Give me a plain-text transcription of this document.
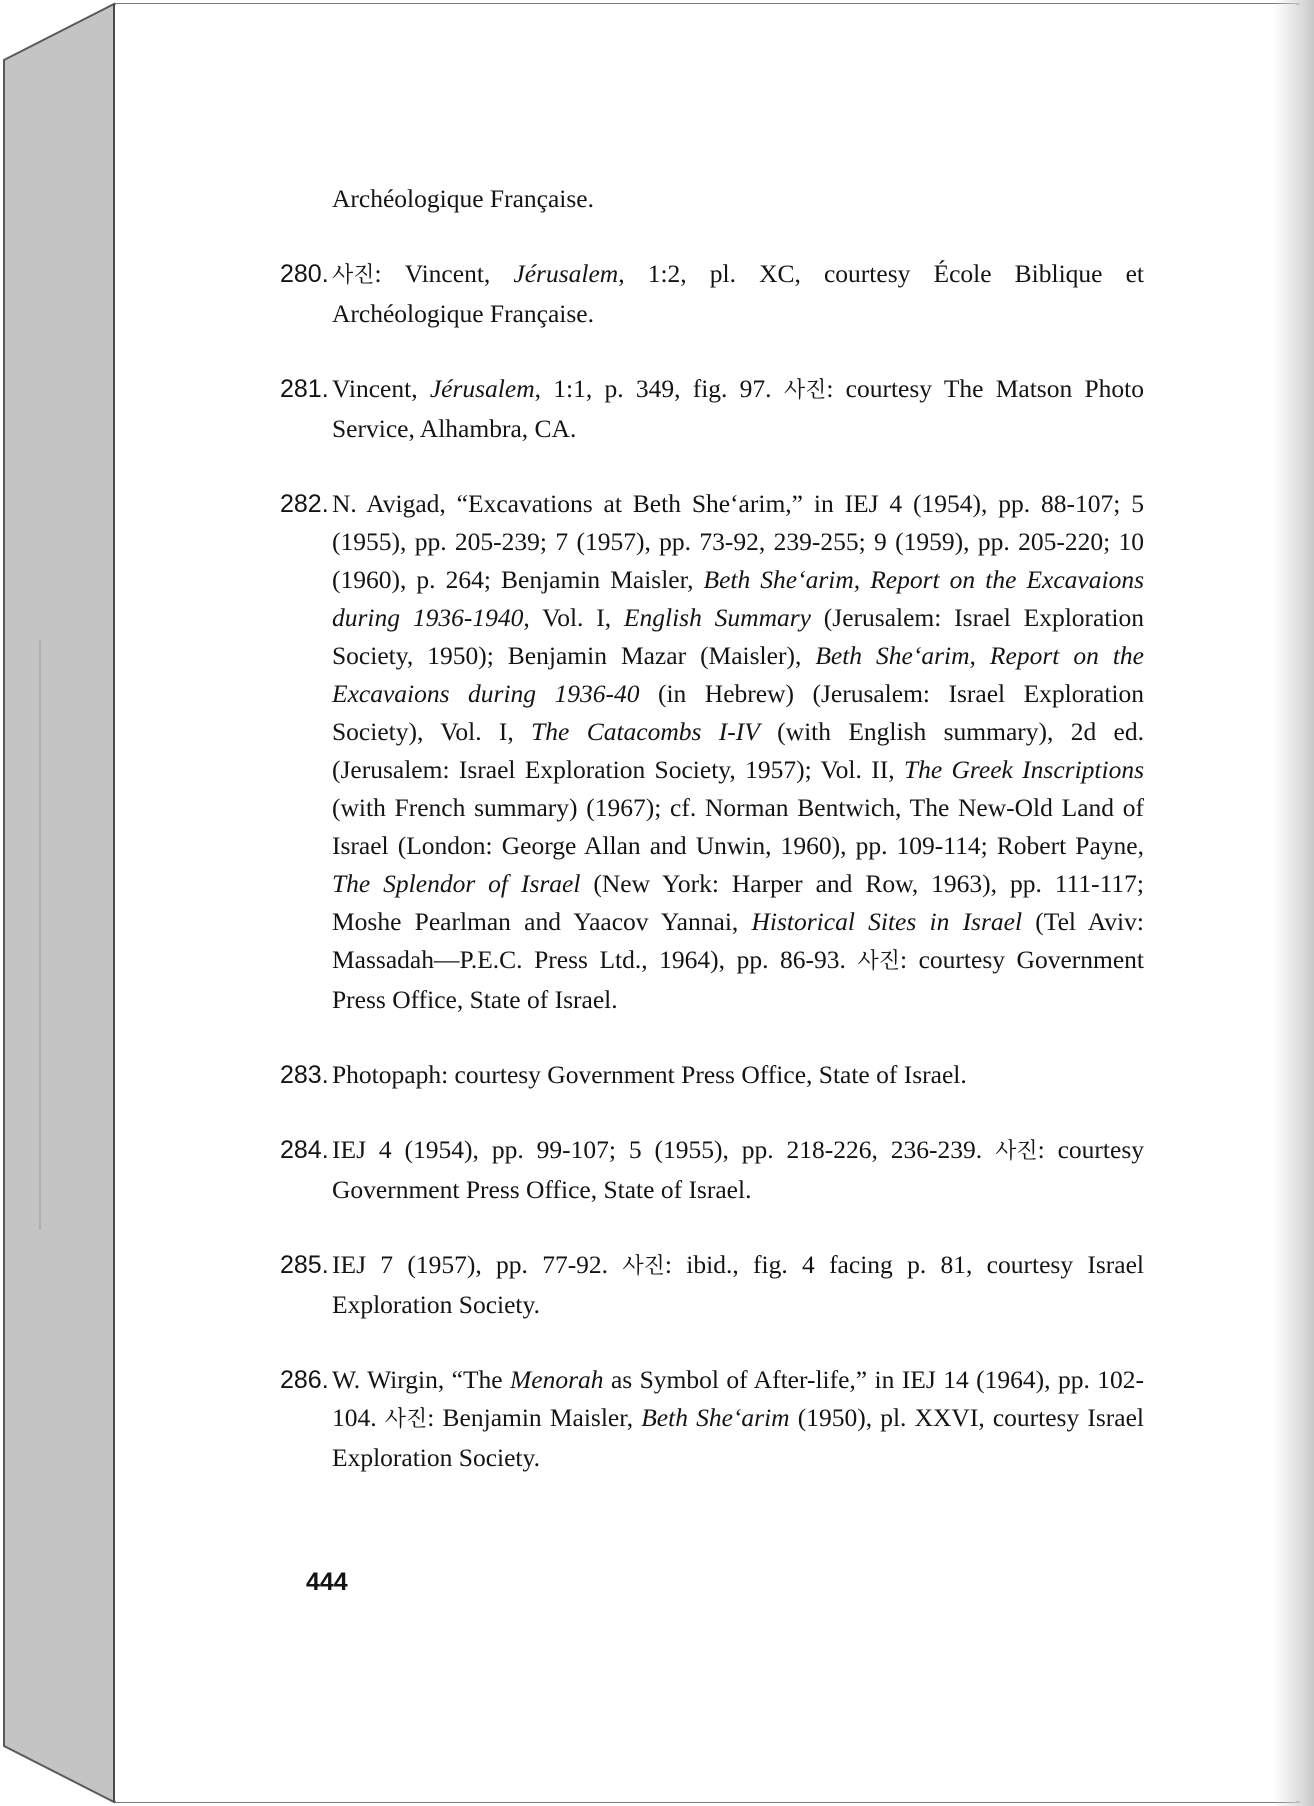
Archéologique Française.
280. 사진: Vincent, Jérusalem, 1:2, pl. XC, courtesy École Biblique et Archéologique Française.
281. Vincent, Jérusalem, 1:1, p. 349, fig. 97. 사진: courtesy The Matson Photo Service, Alhambra, CA.
282. N. Avigad, “Excavations at Beth She‘arim,” in IEJ 4 (1954), pp. 88-107; 5 (1955), pp. 205-239; 7 (1957), pp. 73-92, 239-255; 9 (1959), pp. 205-220; 10 (1960), p. 264; Benjamin Maisler, Beth She‘arim, Report on the Excavaions during 1936-1940, Vol. I, English Summary (Jerusalem: Israel Exploration Society, 1950); Benjamin Mazar (Maisler), Beth She‘arim, Report on the Excavaions during 1936-40 (in Hebrew) (Jerusalem: Israel Exploration Society), Vol. I, The Catacombs I-IV (with English summary), 2d ed. (Jerusalem: Israel Exploration Society, 1957); Vol. II, The Greek Inscriptions (with French summary) (1967); cf. Norman Bentwich, The New-Old Land of Israel (London: George Allan and Unwin, 1960), pp. 109-114; Robert Payne, The Splendor of Israel (New York: Harper and Row, 1963), pp. 111-117; Moshe Pearlman and Yaacov Yannai, Historical Sites in Israel (Tel Aviv: Massadah—P.E.C. Press Ltd., 1964), pp. 86-93. 사진: courtesy Government Press Office, State of Israel.
283. Photopaph: courtesy Government Press Office, State of Israel.
284. IEJ 4 (1954), pp. 99-107; 5 (1955), pp. 218-226, 236-239. 사진: courtesy Government Press Office, State of Israel.
285. IEJ 7 (1957), pp. 77-92. 사진: ibid., fig. 4 facing p. 81, courtesy Israel Exploration Society.
286. W. Wirgin, “The Menorah as Symbol of After-life,” in IEJ 14 (1964), pp. 102-104. 사진: Benjamin Maisler, Beth She‘arim (1950), pl. XXVI, courtesy Israel Exploration Society.
444
